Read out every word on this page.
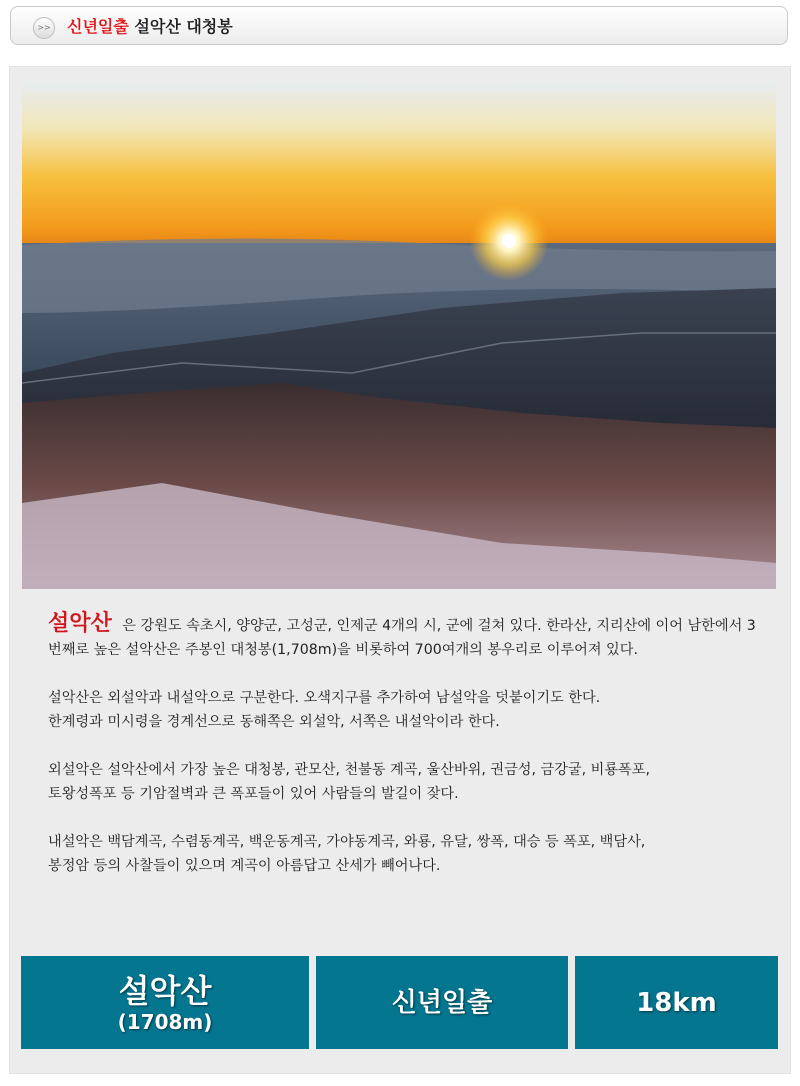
>> 신년일출 설악산 대청봉

설악산 은 강원도 속초시, 양양군, 고성군, 인제군 4개의 시, 군에 걸쳐 있다. 한라산, 지리산에 이어 남한에서 3번째로 높은 설악산은 주봉인 대청봉(1,708m)을 비롯하여 700여개의 봉우리로 이루어져 있다.

설악산은 외설악과 내설악으로 구분한다. 오색지구를 추가하여 남설악을 덧붙이기도 한다.
한계령과 미시령을 경계선으로 동해쪽은 외설악, 서쪽은 내설악이라 한다.

외설악은 설악산에서 가장 높은 대청봉, 관모산, 천불동 계곡, 울산바위, 권금성, 금강굴, 비룡폭포,
토왕성폭포 등 기암절벽과 큰 폭포들이 있어 사람들의 발길이 잦다.

내설악은 백담계곡, 수렴동계곡, 백운동계곡, 가야동계곡, 와룡, 유달, 쌍폭, 대승 등 폭포, 백담사,
봉정암 등의 사찰들이 있으며 계곡이 아름답고 산세가 빼어나다.

설악산
(1708m)
신년일출	18km
